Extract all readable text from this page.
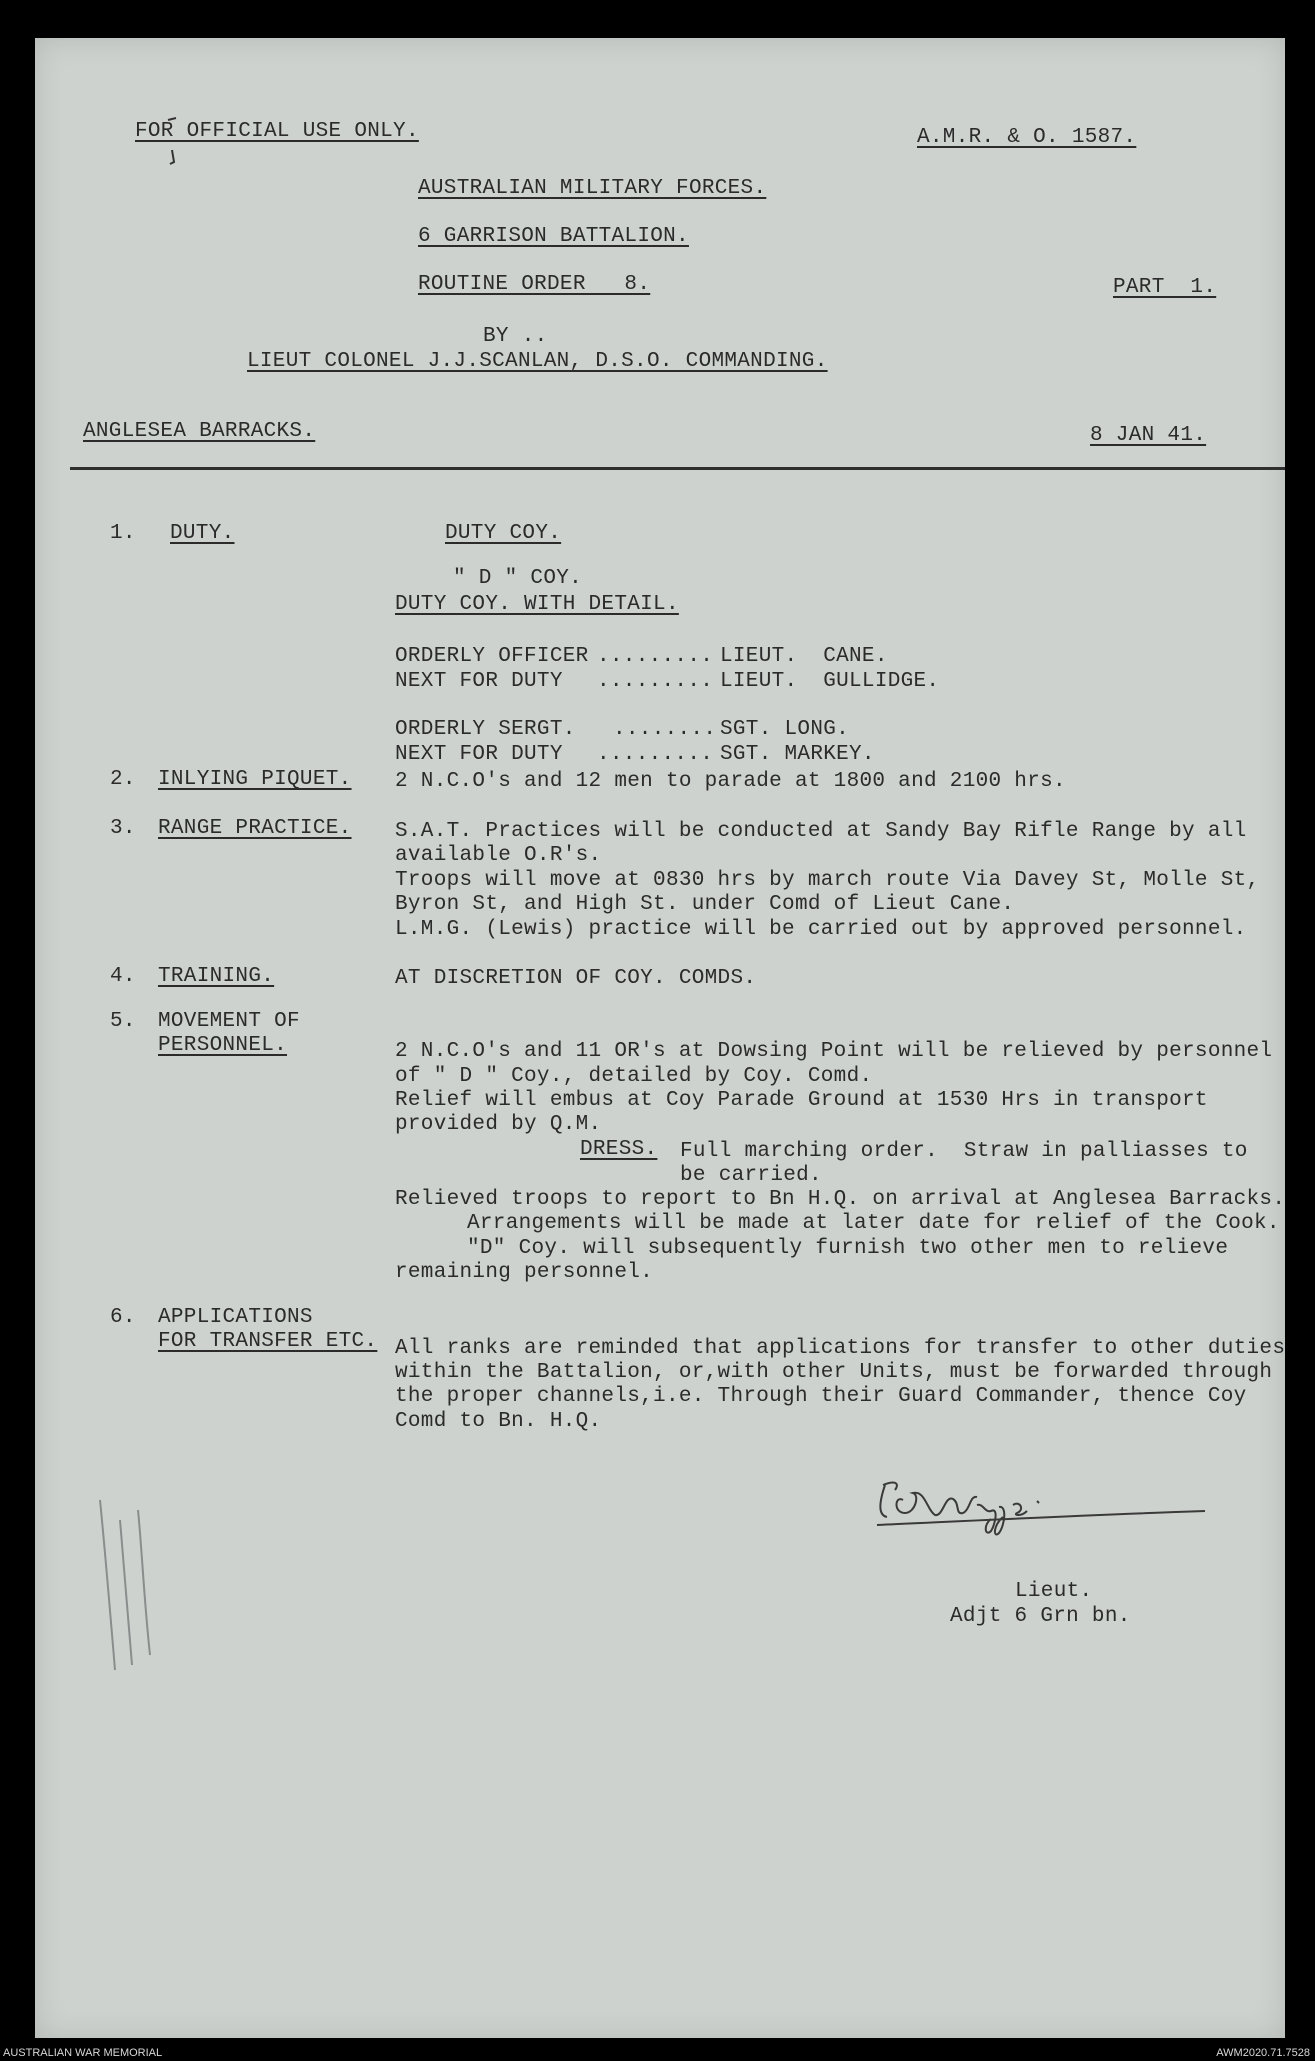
FOR OFFICIAL USE ONLY.	A.M.R. & O. 1587.
AUSTRALIAN MILITARY FORCES.
6 GARRISON BATTALION.
ROUTINE ORDER   8.	PART  1.
BY ..
LIEUT COLONEL J.J.SCANLAN, D.S.O. COMMANDING.
ANGLESEA BARRACKS.	8 JAN 41.
1. DUTY.	DUTY COY.
" D " COY.
DUTY COY. WITH DETAIL.
ORDERLY OFFICER ......... LIEUT.  CANE.
NEXT FOR DUTY ......... LIEUT.  GULLIDGE.
ORDERLY SERGT. ........ SGT. LONG.
NEXT FOR DUTY ......... SGT. MARKEY.
2. INLYING PIQUET. 2 N.C.O's and 12 men to parade at 1800 and 2100 hrs.
3. RANGE PRACTICE. S.A.T. Practices will be conducted at Sandy Bay Rifle Range by all
available O.R's.
Troops will move at 0830 hrs by march route Via Davey St, Molle St,
Byron St, and High St. under Comd of Lieut Cane.
L.M.G. (Lewis) practice will be carried out by approved personnel.
4. TRAINING.	AT DISCRETION OF COY. COMDS.
5. MOVEMENT OF
PERSONNEL.	2 N.C.O's and 11 OR's at Dowsing Point will be relieved by personnel
of " D " Coy., detailed by Coy. Comd.
Relief will embus at Coy Parade Ground at 1530 Hrs in transport
provided by Q.M.
DRESS. Full marching order.  Straw in palliasses to
be carried.
Relieved troops to report to Bn H.Q. on arrival at Anglesea Barracks.
Arrangements will be made at later date for relief of the Cook.
"D" Coy. will subsequently furnish two other men to relieve
remaining personnel.
6. APPLICATIONS
FOR TRANSFER ETC. All ranks are reminded that applications for transfer to other duties
within the Battalion, or,with other Units, must be forwarded through
the proper channels,i.e. Through their Guard Commander, thence Coy
Comd to Bn. H.Q.
Lieut.
Adjt 6 Grn bn.
AUSTRALIAN WAR MEMORIAL	AWM2020.71.7528
